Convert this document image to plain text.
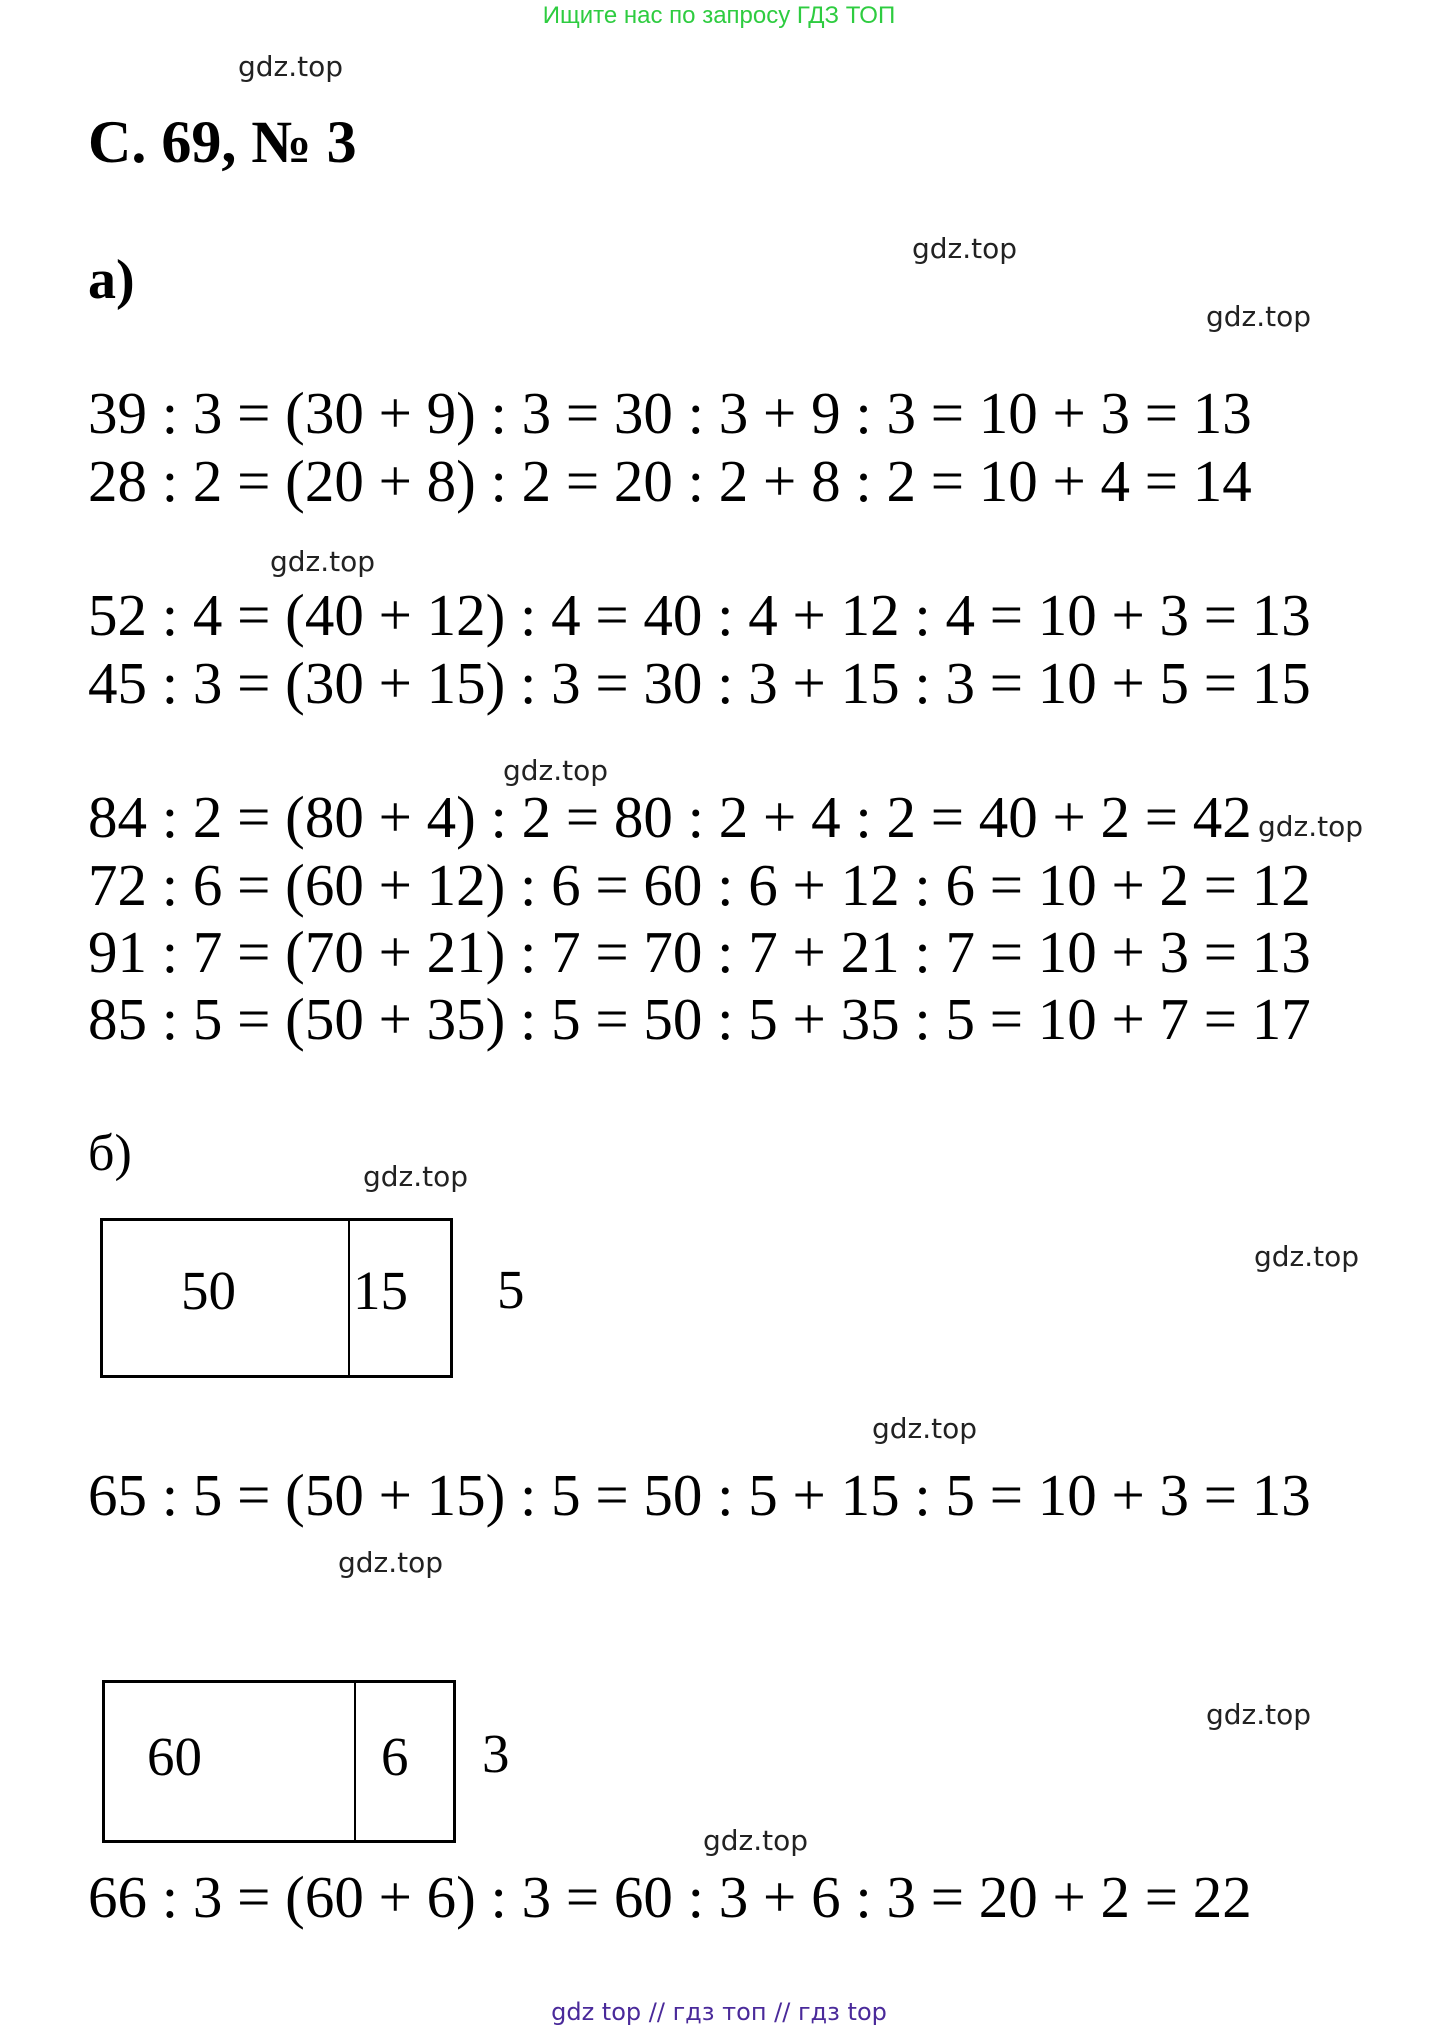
Ищите нас по запросу ГДЗ ТОП
gdz.top
С. 69, № 3
gdz.top
а)
gdz.top
39 : 3 = (30 + 9) : 3 = 30 : 3 + 9 : 3 = 10 + 3 = 13
28 : 2 = (20 + 8) : 2 = 20 : 2 + 8 : 2 = 10 + 4 = 14
gdz.top
52 : 4 = (40 + 12) : 4 = 40 : 4 + 12 : 4 = 10 + 3 = 13
45 : 3 = (30 + 15) : 3 = 30 : 3 + 15 : 3 = 10 + 5 = 15
gdz.top
84 : 2 = (80 + 4) : 2 = 80 : 2 + 4 : 2 = 40 + 2 = 42 gdz.top
72 : 6 = (60 + 12) : 6 = 60 : 6 + 12 : 6 = 10 + 2 = 12
91 : 7 = (70 + 21) : 7 = 70 : 7 + 21 : 7 = 10 + 3 = 13
85 : 5 = (50 + 35) : 5 = 50 : 5 + 35 : 5 = 10 + 7 = 17
б)	gdz.top
50 15 5
gdz.top
gdz.top
65 : 5 = (50 + 15) : 5 = 50 : 5 + 15 : 5 = 10 + 3 = 13
gdz.top
60	6 3
gdz.top
gdz.top
66 : 3 = (60 + 6) : 3 = 60 : 3 + 6 : 3 = 20 + 2 = 22
gdz top // гдз топ // гдз top
